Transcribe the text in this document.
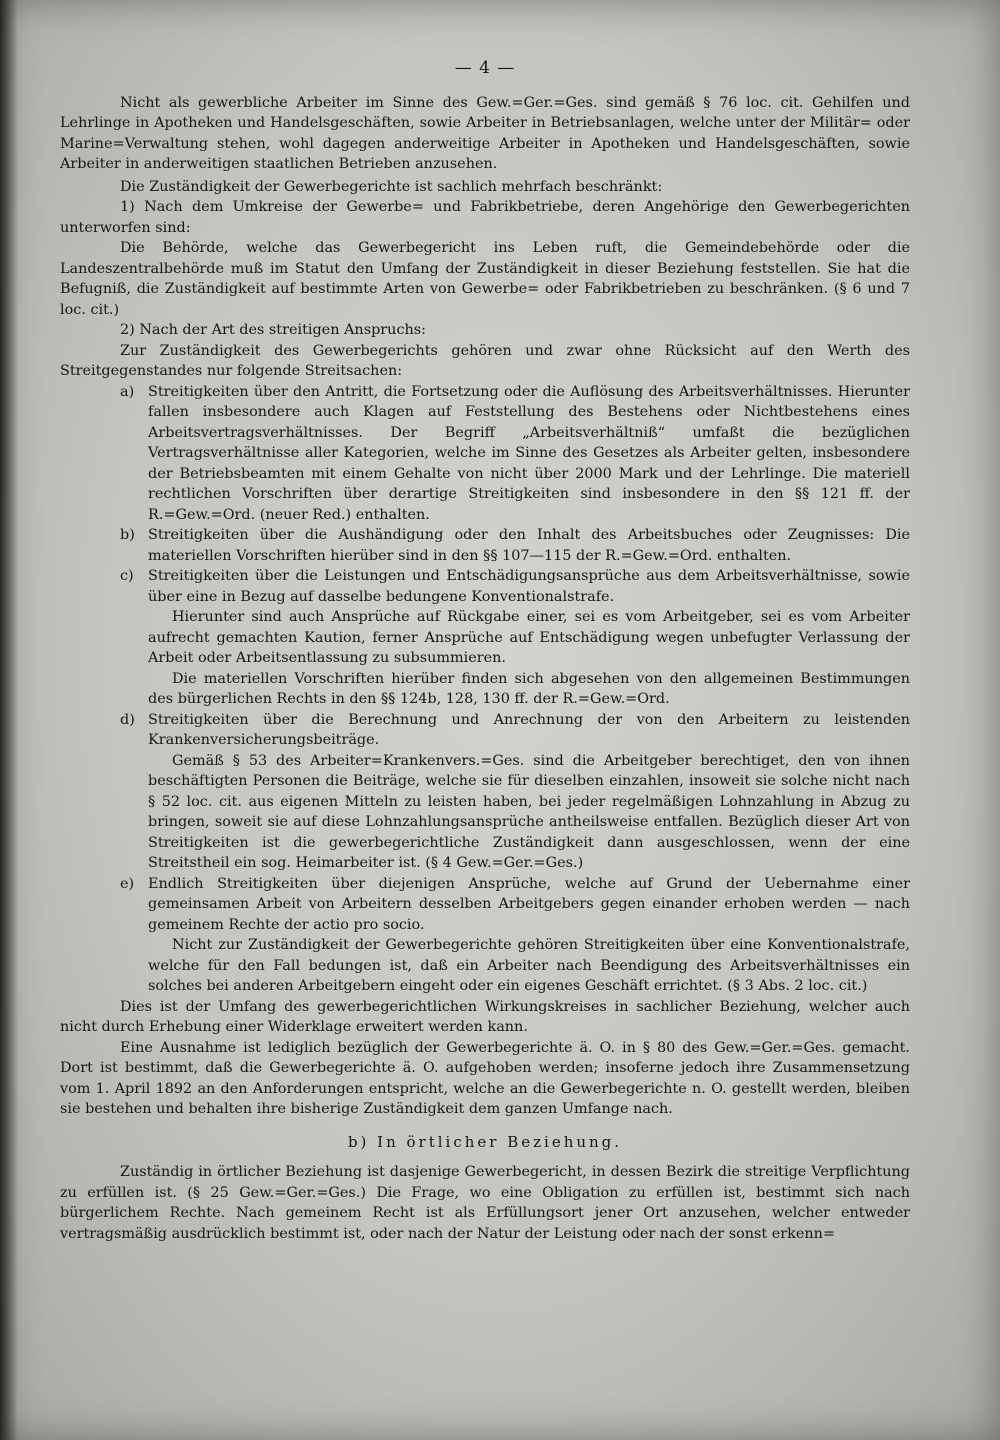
— 4 —

Nicht als gewerbliche Arbeiter im Sinne des Gew.=Ger.=Ges. sind gemäß § 76 loc. cit. Gehilfen und Lehrlinge in Apotheken und Handelsgeschäften, sowie Arbeiter in Betriebsanlagen, welche unter der Militär= oder Marine=Verwaltung stehen, wohl dagegen anderweitige Arbeiter in Apotheken und Handelsgeschäften, sowie Arbeiter in anderweitigen staatlichen Betrieben anzusehen.

Die Zuständigkeit der Gewerbegerichte ist sachlich mehrfach beschränkt:

1) Nach dem Umkreise der Gewerbe= und Fabrikbetriebe, deren Angehörige den Gewerbegerichten unterworfen sind:

Die Behörde, welche das Gewerbegericht ins Leben ruft, die Gemeindebehörde oder die Landeszentralbehörde muß im Statut den Umfang der Zuständigkeit in dieser Beziehung feststellen. Sie hat die Befugniß, die Zuständigkeit auf bestimmte Arten von Gewerbe= oder Fabrikbetrieben zu beschränken. (§ 6 und 7 loc. cit.)

2) Nach der Art des streitigen Anspruchs:

Zur Zuständigkeit des Gewerbegerichts gehören und zwar ohne Rücksicht auf den Werth des Streitgegenstandes nur folgende Streitsachen:

a) Streitigkeiten über den Antritt, die Fortsetzung oder die Auflösung des Arbeitsverhältnisses. Hierunter fallen insbesondere auch Klagen auf Feststellung des Bestehens oder Nichtbestehens eines Arbeitsvertragsverhältnisses. Der Begriff „Arbeitsverhältniß“ umfaßt die bezüglichen Vertragsverhältnisse aller Kategorien, welche im Sinne des Gesetzes als Arbeiter gelten, insbesondere der Betriebsbeamten mit einem Gehalte von nicht über 2000 Mark und der Lehrlinge. Die materiell rechtlichen Vorschriften über derartige Streitigkeiten sind insbesondere in den §§ 121 ff. der R.=Gew.=Ord. (neuer Red.) enthalten.
b) Streitigkeiten über die Aushändigung oder den Inhalt des Arbeitsbuches oder Zeugnisses: Die materiellen Vorschriften hierüber sind in den §§ 107—115 der R.=Gew.=Ord. enthalten.
c) Streitigkeiten über die Leistungen und Entschädigungsansprüche aus dem Arbeitsverhältnisse, sowie über eine in Bezug auf dasselbe bedungene Konventionalstrafe.

Hierunter sind auch Ansprüche auf Rückgabe einer, sei es vom Arbeitgeber, sei es vom Arbeiter aufrecht gemachten Kaution, ferner Ansprüche auf Entschädigung wegen unbefugter Verlassung der Arbeit oder Arbeitsentlassung zu subsummieren.

Die materiellen Vorschriften hierüber finden sich abgesehen von den allgemeinen Bestimmungen des bürgerlichen Rechts in den §§ 124b, 128, 130 ff. der R.=Gew.=Ord.

d) Streitigkeiten über die Berechnung und Anrechnung der von den Arbeitern zu leistenden Krankenversicherungsbeiträge.

Gemäß § 53 des Arbeiter=Krankenvers.=Ges. sind die Arbeitgeber berechtiget, den von ihnen beschäftigten Personen die Beiträge, welche sie für dieselben einzahlen, insoweit sie solche nicht nach § 52 loc. cit. aus eigenen Mitteln zu leisten haben, bei jeder regelmäßigen Lohnzahlung in Abzug zu bringen, soweit sie auf diese Lohnzahlungsansprüche antheilsweise entfallen. Bezüglich dieser Art von Streitigkeiten ist die gewerbegerichtliche Zuständigkeit dann ausgeschlossen, wenn der eine Streitstheil ein sog. Heimarbeiter ist. (§ 4 Gew.=Ger.=Ges.)

e) Endlich Streitigkeiten über diejenigen Ansprüche, welche auf Grund der Uebernahme einer gemeinsamen Arbeit von Arbeitern desselben Arbeitgebers gegen einander erhoben werden — nach gemeinem Rechte der actio pro socio.

Nicht zur Zuständigkeit der Gewerbegerichte gehören Streitigkeiten über eine Konventionalstrafe, welche für den Fall bedungen ist, daß ein Arbeiter nach Beendigung des Arbeitsverhältnisses ein solches bei anderen Arbeitgebern eingeht oder ein eigenes Geschäft errichtet. (§ 3 Abs. 2 loc. cit.)

Dies ist der Umfang des gewerbegerichtlichen Wirkungskreises in sachlicher Beziehung, welcher auch nicht durch Erhebung einer Widerklage erweitert werden kann.

Eine Ausnahme ist lediglich bezüglich der Gewerbegerichte ä. O. in § 80 des Gew.=Ger.=Ges. gemacht. Dort ist bestimmt, daß die Gewerbegerichte ä. O. aufgehoben werden; insoferne jedoch ihre Zusammensetzung vom 1. April 1892 an den Anforderungen entspricht, welche an die Gewerbegerichte n. O. gestellt werden, bleiben sie bestehen und behalten ihre bisherige Zuständigkeit dem ganzen Umfange nach.

b) In örtlicher Beziehung.

Zuständig in örtlicher Beziehung ist dasjenige Gewerbegericht, in dessen Bezirk die streitige Verpflichtung zu erfüllen ist. (§ 25 Gew.=Ger.=Ges.) Die Frage, wo eine Obligation zu erfüllen ist, bestimmt sich nach bürgerlichem Rechte. Nach gemeinem Recht ist als Erfüllungsort jener Ort anzusehen, welcher entweder vertragsmäßig ausdrücklich bestimmt ist, oder nach der Natur der Leistung oder nach der sonst erkenn=
